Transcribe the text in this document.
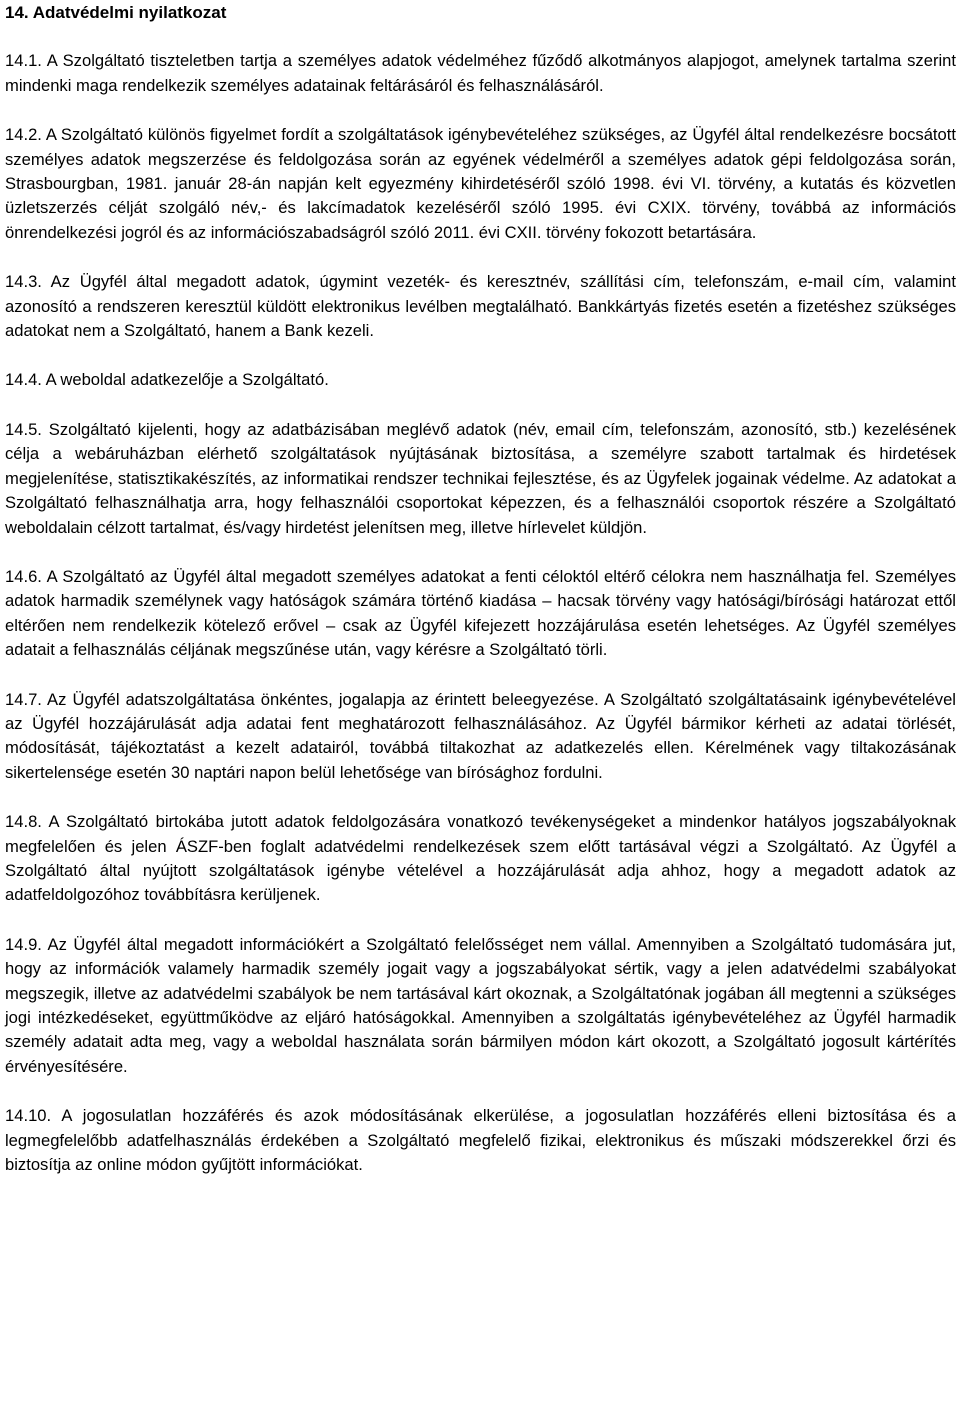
14. Adatvédelmi nyilatkozat

14.1. A Szolgáltató tiszteletben tartja a személyes adatok védelméhez fűződő alkotmányos alapjogot, amelynek tartalma szerint mindenki maga rendelkezik személyes adatainak feltárásáról és felhasználásáról.

14.2. A Szolgáltató különös figyelmet fordít a szolgáltatások igénybevételéhez szükséges, az Ügyfél által rendelkezésre bocsátott személyes adatok megszerzése és feldolgozása során az egyének védelméről a személyes adatok gépi feldolgozása során, Strasbourgban, 1981. január 28-án napján kelt egyezmény kihirdetéséről szóló 1998. évi VI. törvény, a kutatás és közvetlen üzletszerzés célját szolgáló név,- és lakcímadatok kezeléséről szóló 1995. évi CXIX. törvény, továbbá az információs önrendelkezési jogról és az információszabadságról szóló 2011. évi CXII. törvény fokozott betartására.

14.3. Az Ügyfél által megadott adatok, úgymint vezeték- és keresztnév, szállítási cím, telefonszám, e-mail cím, valamint azonosító a rendszeren keresztül küldött elektronikus levélben megtalálható. Bankkártyás fizetés esetén a fizetéshez szükséges adatokat nem a Szolgáltató, hanem a Bank kezeli.

14.4. A weboldal adatkezelője a Szolgáltató.

14.5. Szolgáltató kijelenti, hogy az adatbázisában meglévő adatok (név, email cím, telefonszám, azonosító, stb.) kezelésének célja a webáruházban elérhető szolgáltatások nyújtásának biztosítása, a személyre szabott tartalmak és hirdetések megjelenítése, statisztikakészítés, az informatikai rendszer technikai fejlesztése, és az Ügyfelek jogainak védelme. Az adatokat a Szolgáltató felhasználhatja arra, hogy felhasználói csoportokat képezzen, és a felhasználói csoportok részére a Szolgáltató weboldalain célzott tartalmat, és/vagy hirdetést jelenítsen meg, illetve hírlevelet küldjön.

14.6. A Szolgáltató az Ügyfél által megadott személyes adatokat a fenti céloktól eltérő célokra nem használhatja fel. Személyes adatok harmadik személynek vagy hatóságok számára történő kiadása – hacsak törvény vagy hatósági/bírósági határozat ettől eltérően nem rendelkezik kötelező erővel – csak az Ügyfél kifejezett hozzájárulása esetén lehetséges. Az Ügyfél személyes adatait a felhasználás céljának megszűnése után, vagy kérésre a Szolgáltató törli.

14.7. Az Ügyfél adatszolgáltatása önkéntes, jogalapja az érintett beleegyezése. A Szolgáltató szolgáltatásaink igénybevételével az Ügyfél hozzájárulását adja adatai fent meghatározott felhasználásához. Az Ügyfél bármikor kérheti az adatai törlését, módosítását, tájékoztatást a kezelt adatairól, továbbá tiltakozhat az adatkezelés ellen. Kérelmének vagy tiltakozásának sikertelensége esetén 30 naptári napon belül lehetősége van bírósághoz fordulni.

14.8. A Szolgáltató birtokába jutott adatok feldolgozására vonatkozó tevékenységeket a mindenkor hatályos jogszabályoknak megfelelően és jelen ÁSZF-ben foglalt adatvédelmi rendelkezések szem előtt tartásával végzi a Szolgáltató. Az Ügyfél a Szolgáltató által nyújtott szolgáltatások igénybe vételével a hozzájárulását adja ahhoz, hogy a megadott adatok az adatfeldolgozóhoz továbbításra kerüljenek.

14.9. Az Ügyfél által megadott információkért a Szolgáltató felelősséget nem vállal. Amennyiben a Szolgáltató tudomására jut, hogy az információk valamely harmadik személy jogait vagy a jogszabályokat sértik, vagy a jelen adatvédelmi szabályokat megszegik, illetve az adatvédelmi szabályok be nem tartásával kárt okoznak, a Szolgáltatónak jogában áll megtenni a szükséges jogi intézkedéseket, együttműködve az eljáró hatóságokkal. Amennyiben a szolgáltatás igénybevételéhez az Ügyfél harmadik személy adatait adta meg, vagy a weboldal használata során bármilyen módon kárt okozott, a Szolgáltató jogosult kártérítés érvényesítésére.

14.10. A jogosulatlan hozzáférés és azok módosításának elkerülése, a jogosulatlan hozzáférés elleni biztosítása és a legmegfelelőbb adatfelhasználás érdekében a Szolgáltató megfelelő fizikai, elektronikus és műszaki módszerekkel őrzi és biztosítja az online módon gyűjtött információkat.
